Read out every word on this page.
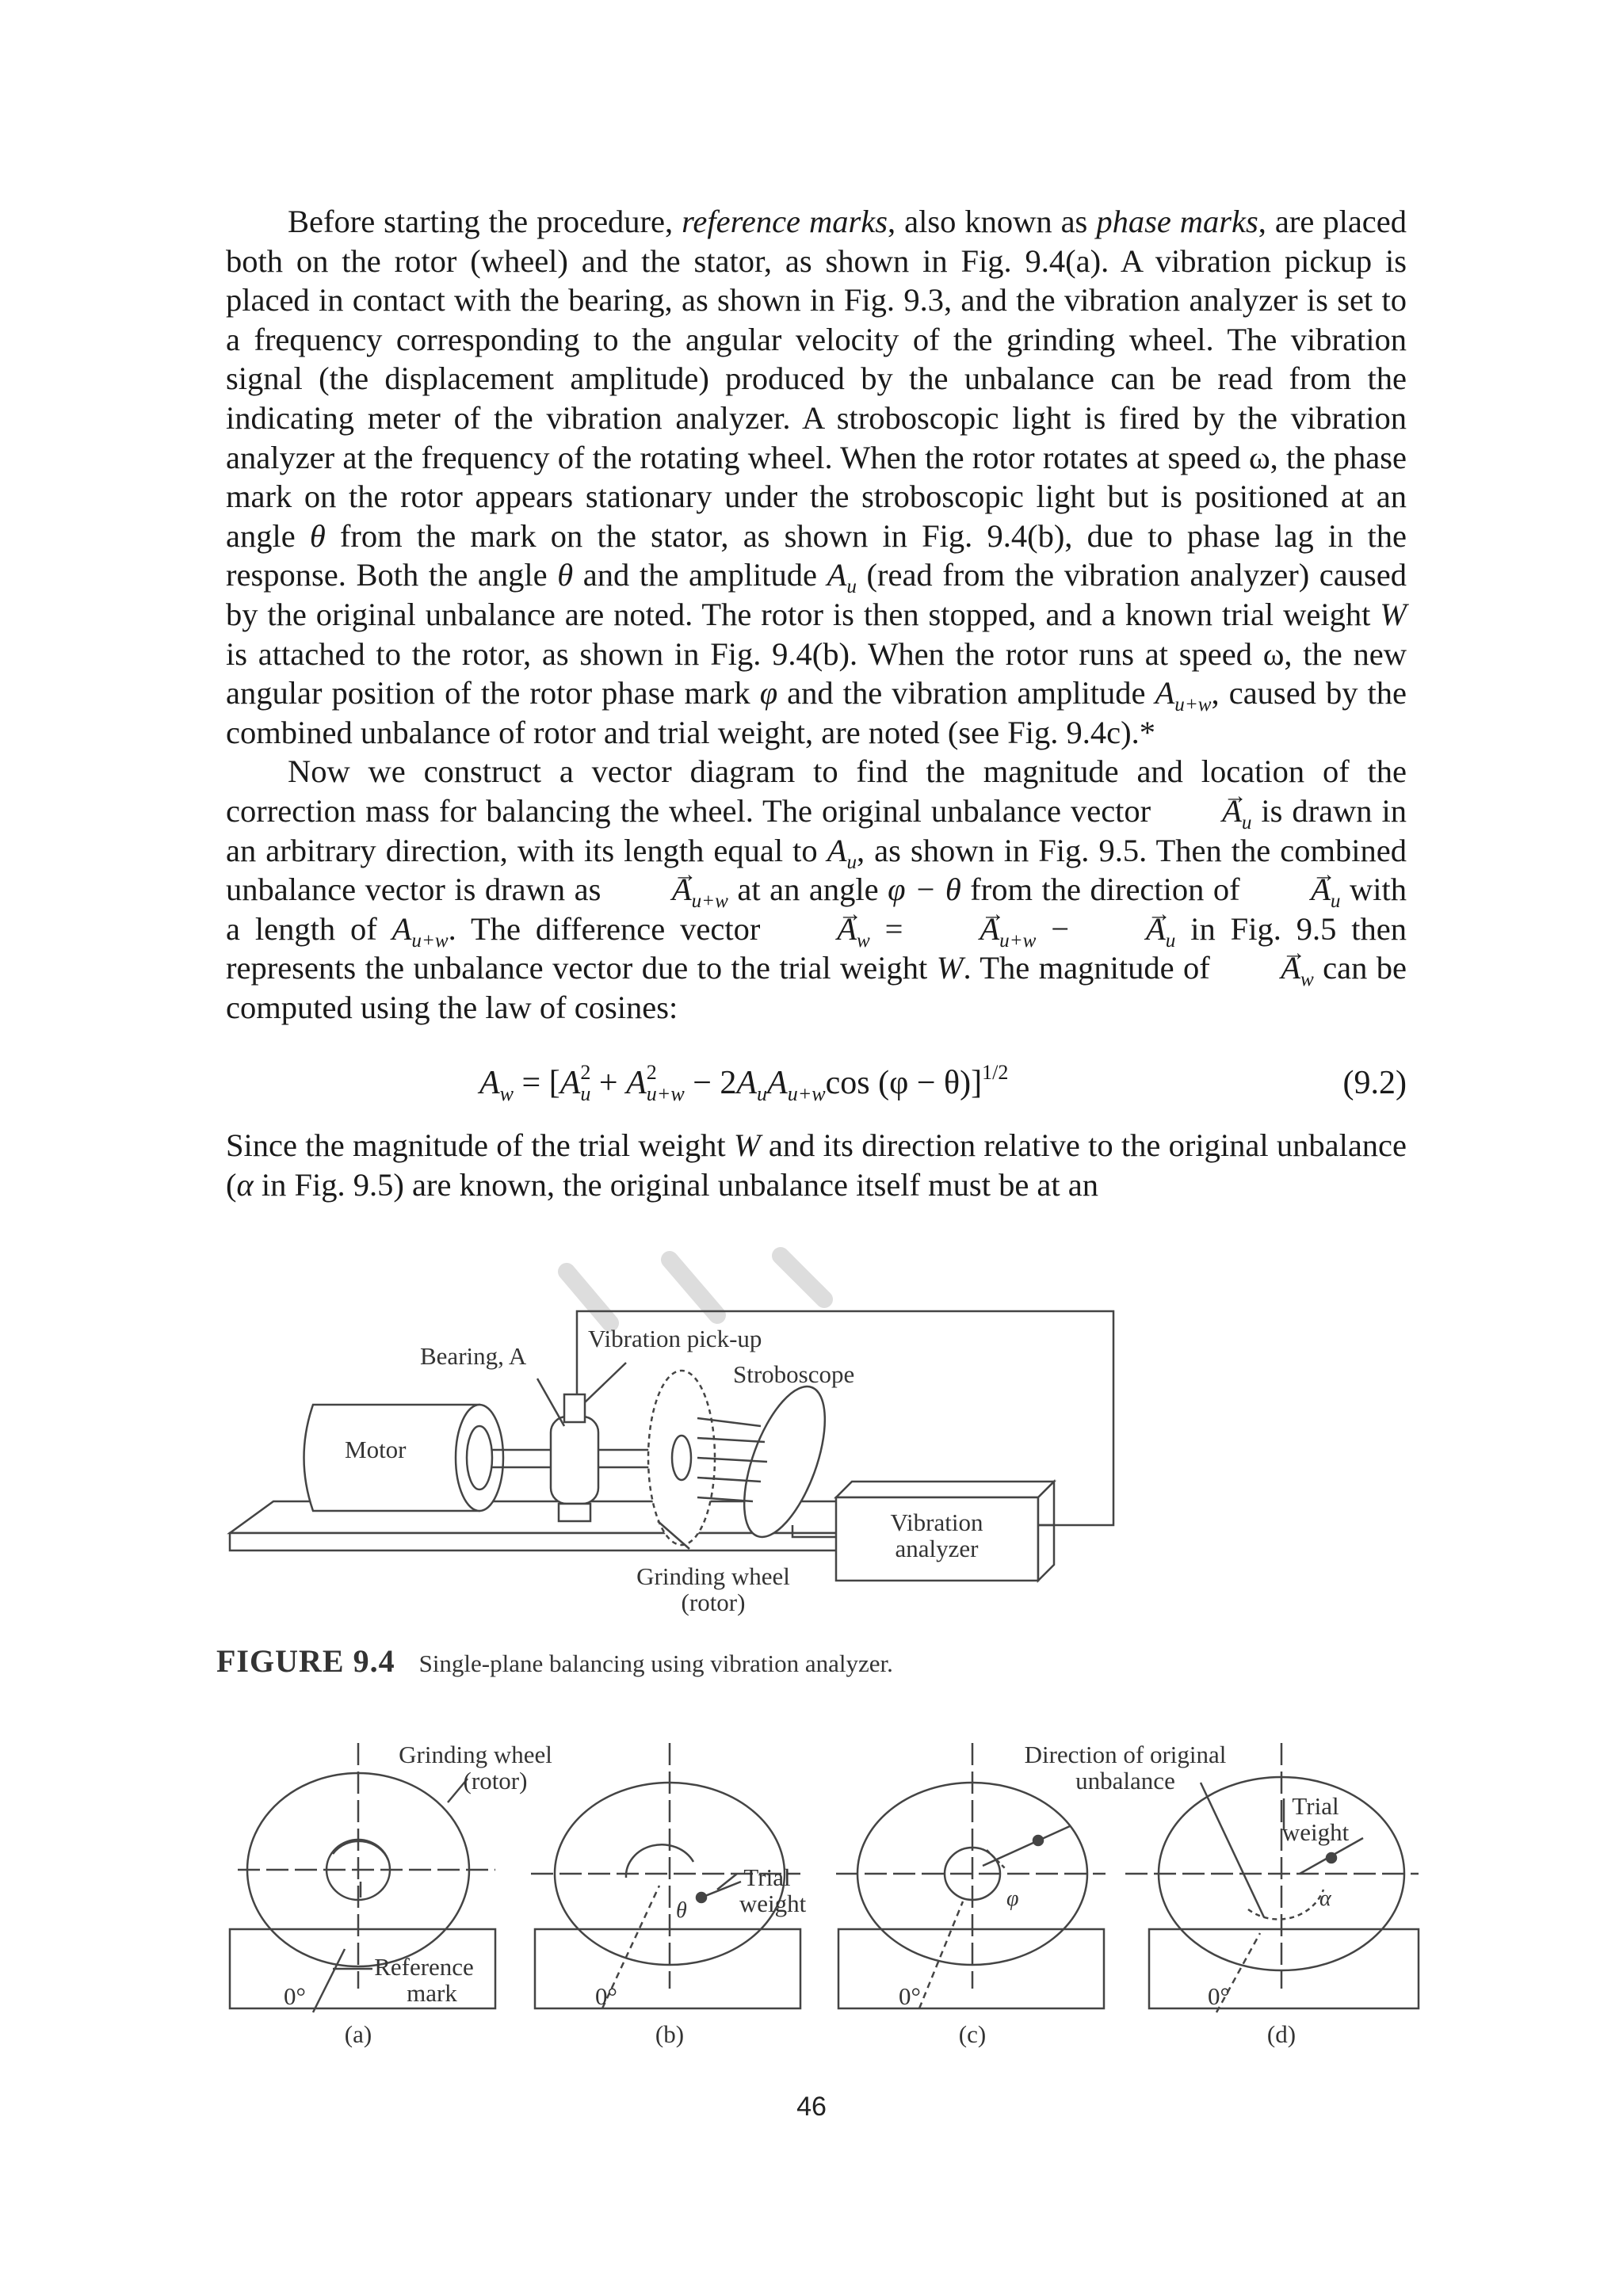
Before starting the procedure, reference marks, also known as phase marks, are placed both on the rotor (wheel) and the stator, as shown in Fig. 9.4(a). A vibration pickup is placed in contact with the bearing, as shown in Fig. 9.3, and the vibration analyzer is set to a frequency corresponding to the angular velocity of the grinding wheel. The vibration signal (the displacement amplitude) produced by the unbalance can be read from the indicating meter of the vibration analyzer. A stroboscopic light is fired by the vibration analyzer at the frequency of the rotating wheel. When the rotor rotates at speed ω, the phase mark on the rotor appears stationary under the stroboscopic light but is positioned at an angle θ from the mark on the stator, as shown in Fig. 9.4(b), due to phase lag in the response. Both the angle θ and the amplitude $A_u$ (read from the vibration analyzer) caused by the original unbalance are noted. The rotor is then stopped, and a known trial weight W is attached to the rotor, as shown in Fig. 9.4(b). When the rotor runs at speed ω, the new angular position of the rotor phase mark φ and the vibration amplitude $A_{u+w}$, caused by the combined unbalance of rotor and trial weight, are noted (see Fig. 9.4c).*

Now we construct a vector diagram to find the magnitude and location of the correction mass for balancing the wheel. The original unbalance vector → $A_u$ is drawn in an arbitrary direction, with its length equal to $A_u$, as shown in Fig. 9.5. Then the combined unbalance vector is drawn as → $A_{u+w}$ at an angle φ − θ from the direction of → $A_u$ with a length of $A_{u+w}$. The difference vector → $A_w$ = → $A_{u+w}$ − → $A_u$ in Fig. 9.5 then represents the unbalance vector due to the trial weight W. The magnitude of → $A_w$ can be computed using the law of cosines:

$A_w = [A^2_u + A^2_{u+w} - 2A_uA_{u+w}\cos$ (φ − θ)]$^{1/2}$	(9.2)

Since the magnitude of the trial weight W and its direction relative to the original unbalance (α in Fig. 9.5) are known, the original unbalance itself must be at an

Bearing, A
Vibration pick-up
Stroboscope
Motor
Vibration
analyzer
Grinding wheel
(rotor)
Grinding wheel
(rotor)
Reference
mark
0°
Trial
weight
θ
0°
Direction of original
unbalance
φ
0°
Trial
weight
α
0°
(a)	(b)	(c)	(d)
FIGURE 9.4 Single-plane balancing using vibration analyzer.
46
